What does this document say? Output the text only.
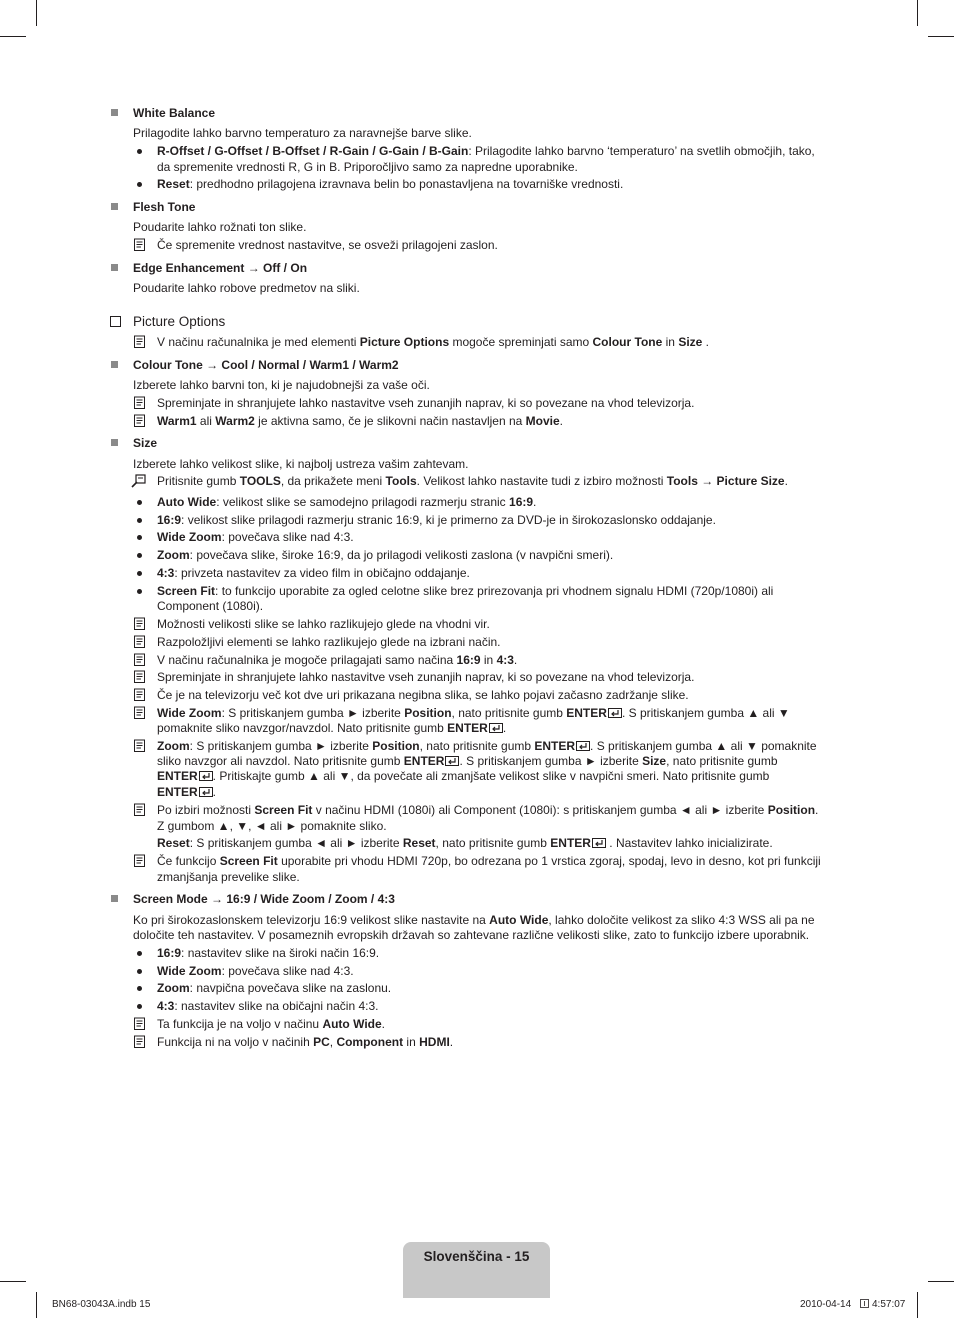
White Balance
Prilagodite lahko barvno temperaturo za naravnejše barve slike.
R-Offset / G-Offset / B-Offset / R-Gain / G-Gain / B-Gain: Prilagodite lahko barvno ‘temperaturo’ na svetlih območjih, tako,
da spremenite vrednosti R, G in B. Priporočljivo samo za napredne uporabnike.
Reset: predhodno prilagojena izravnava belin bo ponastavljena na tovarniške vrednosti.
Flesh Tone
Poudarite lahko rožnati ton slike.
Če spremenite vrednost nastavitve, se osveži prilagojeni zaslon.
Edge Enhancement → Off / On
Poudarite lahko robove predmetov na sliki.
Picture Options
V načinu računalnika je med elementi Picture Options mogoče spreminjati samo Colour Tone in Size .
Colour Tone → Cool / Normal / Warm1 / Warm2
Izberete lahko barvni ton, ki je najudobnejši za vaše oči.
Spreminjate in shranjujete lahko nastavitve vseh zunanjih naprav, ki so povezane na vhod televizorja.
Warm1 ali Warm2 je aktivna samo, če je slikovni način nastavljen na Movie.
Size
Izberete lahko velikost slike, ki najbolj ustreza vašim zahtevam.
Pritisnite gumb TOOLS, da prikažete meni Tools. Velikost lahko nastavite tudi z izbiro možnosti Tools → Picture Size.
Auto Wide: velikost slike se samodejno prilagodi razmerju stranic 16:9.
16:9: velikost slike prilagodi razmerju stranic 16:9, ki je primerno za DVD-je in širokozaslonsko oddajanje.
Wide Zoom: povečava slike nad 4:3.
Zoom: povečava slike, široke 16:9, da jo prilagodi velikosti zaslona (v navpični smeri).
4:3: privzeta nastavitev za video film in običajno oddajanje.
Screen Fit: to funkcijo uporabite za ogled celotne slike brez prirezovanja pri vhodnem signalu HDMI (720p/1080i) ali
Component (1080i).
Možnosti velikosti slike se lahko razlikujejo glede na vhodni vir.
Razpoložljivi elementi se lahko razlikujejo glede na izbrani način.
V načinu računalnika je mogoče prilagajati samo načina 16:9 in 4:3.
Spreminjate in shranjujete lahko nastavitve vseh zunanjih naprav, ki so povezane na vhod televizorja.
Če je na televizorju več kot dve uri prikazana negibna slika, se lahko pojavi začasno zadržanje slike.
Wide Zoom: S pritiskanjem gumba ► izberite Position, nato pritisnite gumb ENTER . S pritiskanjem gumba ▲ ali ▼
pomaknite sliko navzgor/navzdol. Nato pritisnite gumb ENTER .
Zoom: S pritiskanjem gumba ► izberite Position, nato pritisnite gumb ENTER . S pritiskanjem gumba ▲ ali ▼ pomaknite
sliko navzgor ali navzdol. Nato pritisnite gumb ENTER . S pritiskanjem gumba ► izberite Size, nato pritisnite gumb
ENTER . Pritiskajte gumb ▲ ali ▼, da povečate ali zmanjšate velikost slike v navpični smeri. Nato pritisnite gumb
ENTER .
Po izbiri možnosti Screen Fit v načinu HDMI (1080i) ali Component (1080i): s pritiskanjem gumba ◄ ali ► izberite Position.
Z gumbom ▲, ▼, ◄ ali ► pomaknite sliko.
Reset: S pritiskanjem gumba ◄ ali ► izberite Reset, nato pritisnite gumb ENTER . Nastavitev lahko inicializirate.
Če funkcijo Screen Fit uporabite pri vhodu HDMI 720p, bo odrezana po 1 vrstica zgoraj, spodaj, levo in desno, kot pri funkciji
zmanjšanja prevelike slike.
Screen Mode → 16:9 / Wide Zoom / Zoom / 4:3
Ko pri širokozaslonskem televizorju 16:9 velikost slike nastavite na Auto Wide, lahko določite velikost za sliko 4:3 WSS ali pa ne
določite teh nastavitev. V posameznih evropskih državah so zahtevane različne velikosti slike, zato to funkcijo izbere uporabnik.
16:9: nastavitev slike na široki način 16:9.
Wide Zoom: povečava slike nad 4:3.
Zoom: navpična povečava slike na zaslonu.
4:3: nastavitev slike na običajni način 4:3.
Ta funkcija je na voljo v načinu Auto Wide.
Funkcija ni na voljo v načinih PC, Component in HDMI.
Slovenščina - 15
BN68-03043A.indb 15	2010-04-14 4:57:07
